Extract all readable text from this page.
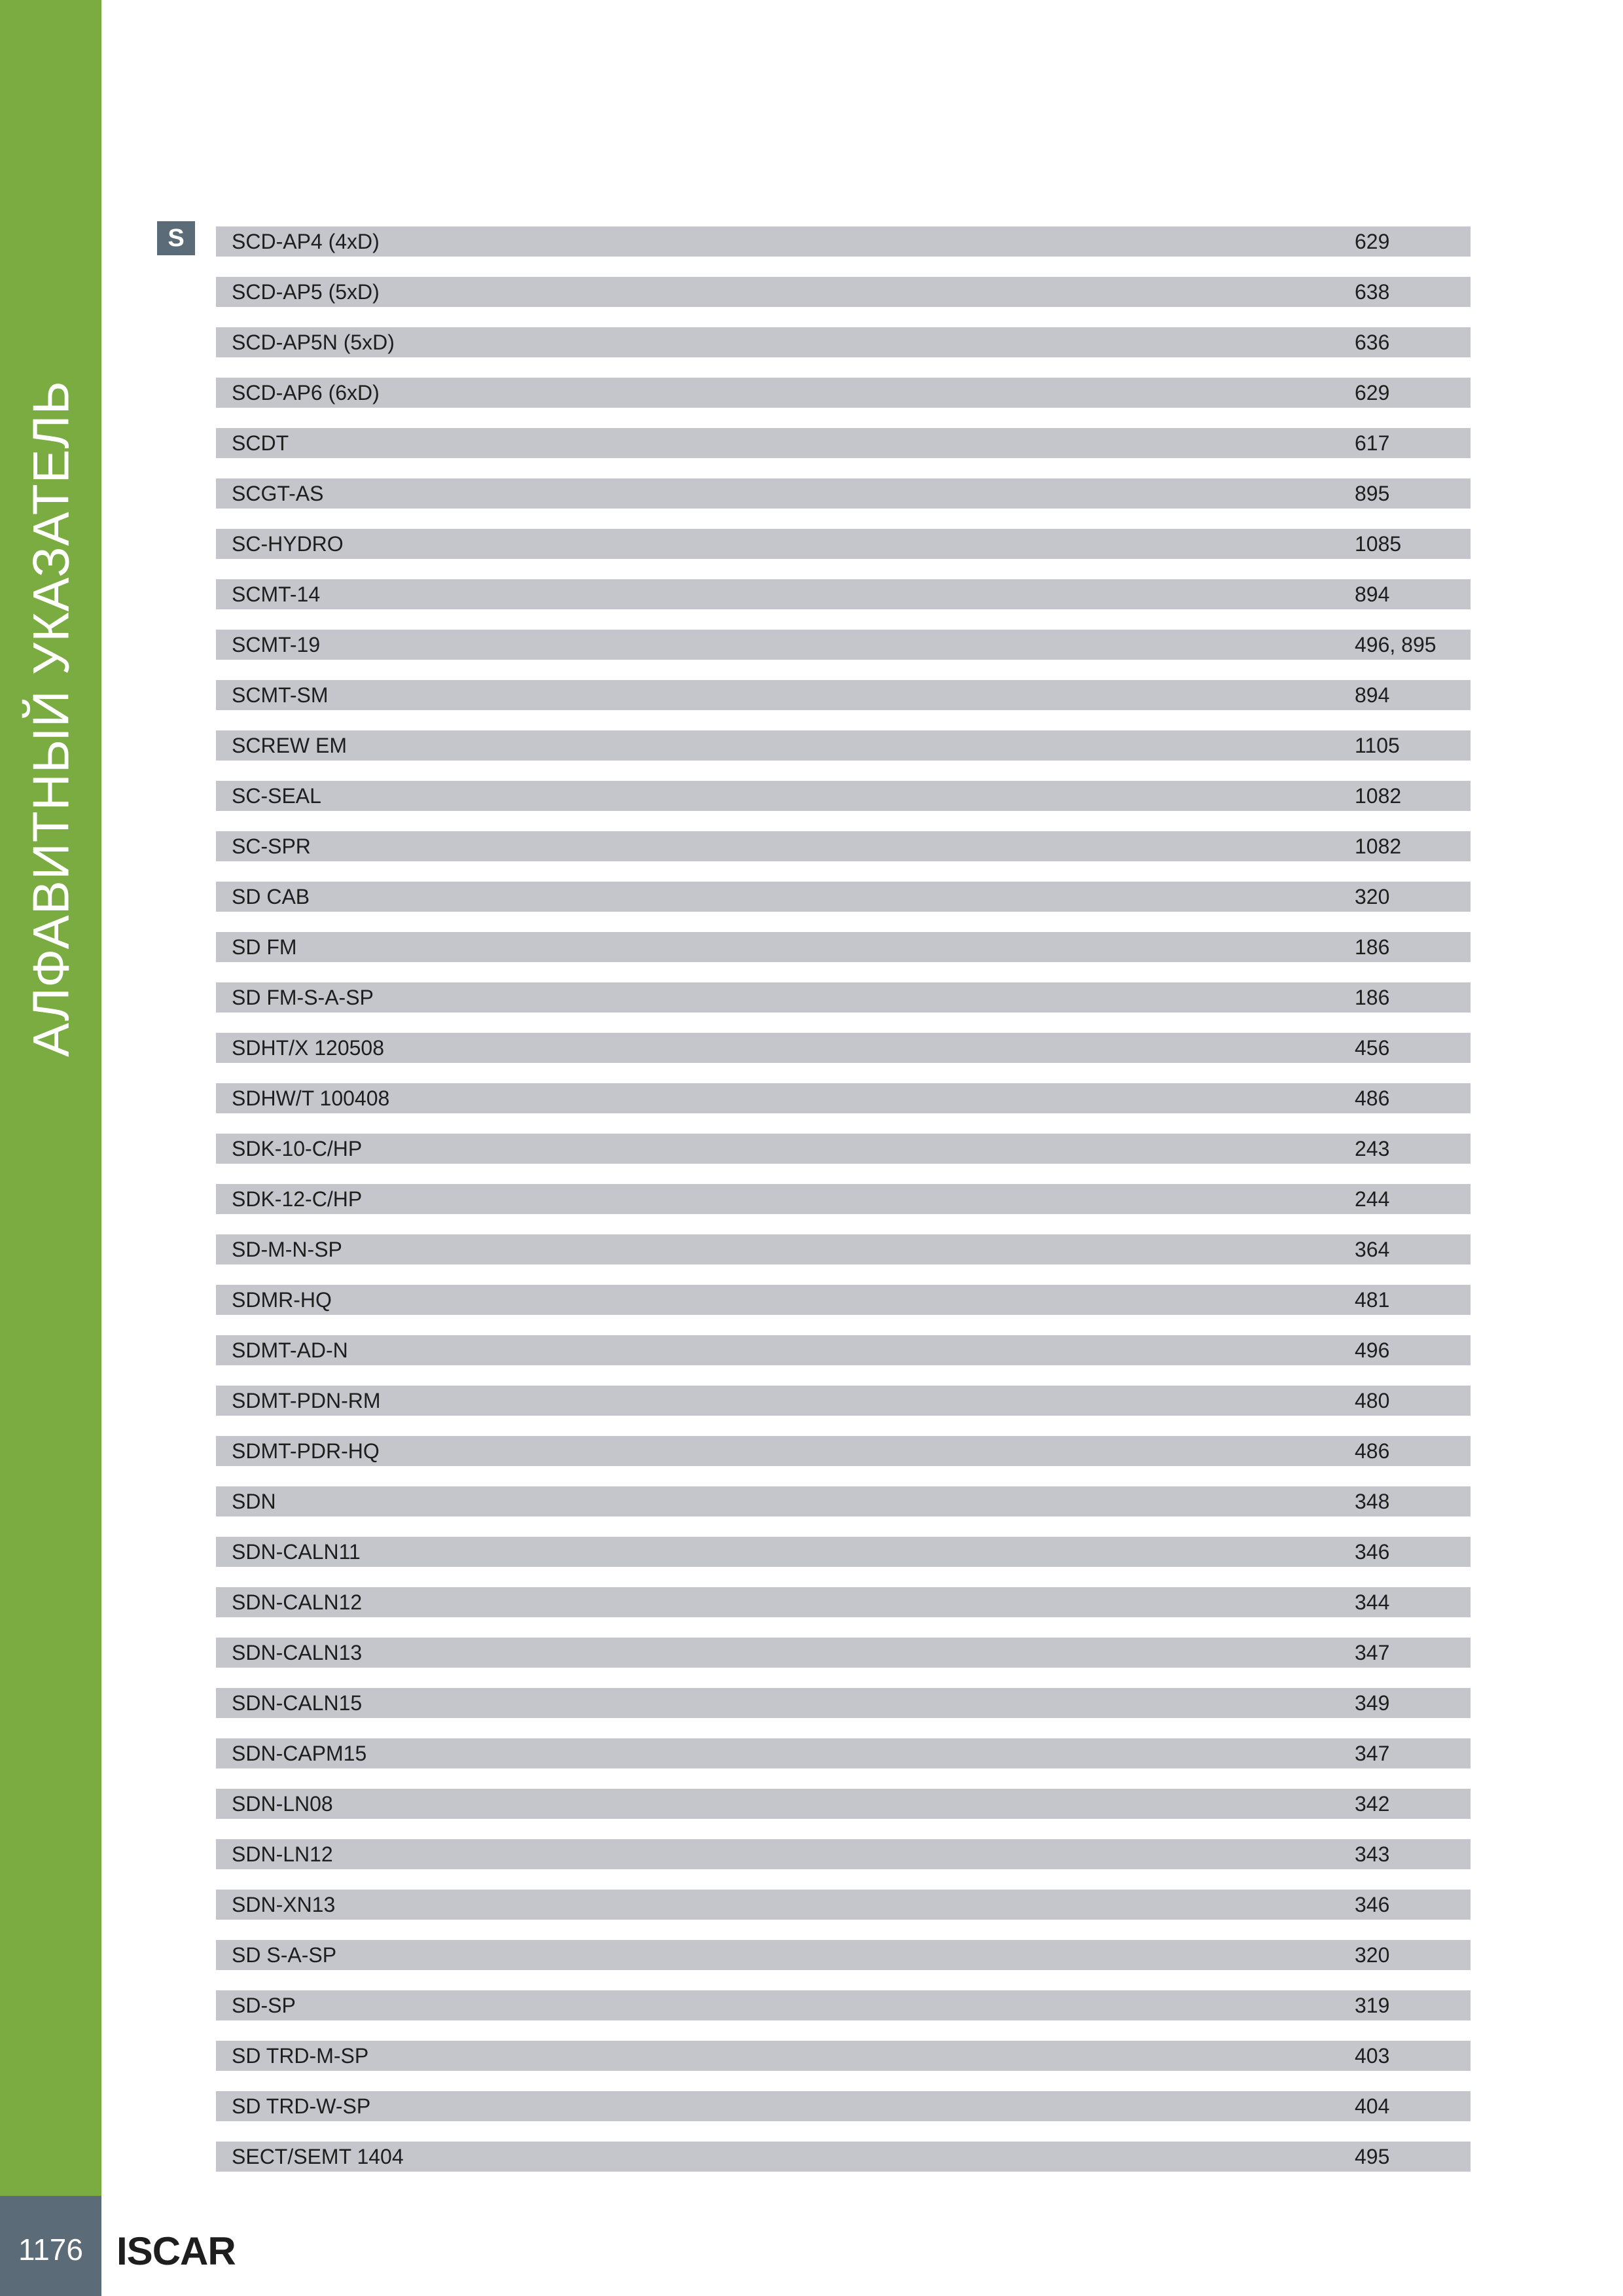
АЛФАВИТНЫЙ УКАЗАТЕЛЬ
1176 ISCAR
S	SCD-AP4 (4xD)	629
SCD-AP5 (5xD)	638
SCD-AP5N (5xD)	636
SCD-AP6 (6xD)	629
SCDT	617
SCGT-AS	895
SC-HYDRO	1085
SCMT-14	894
SCMT-19	496, 895
SCMT-SM	894
SCREW EM	1105
SC-SEAL	1082
SC-SPR	1082
SD CAB	320
SD FM	186
SD FM-S-A-SP	186
SDHT/X 120508	456
SDHW/T 100408	486
SDK-10-C/HP	243
SDK-12-C/HP	244
SD-M-N-SP	364
SDMR-HQ	481
SDMT-AD-N	496
SDMT-PDN-RM	480
SDMT-PDR-HQ	486
SDN	348
SDN-CALN11	346
SDN-CALN12	344
SDN-CALN13	347
SDN-CALN15	349
SDN-CAPM15	347
SDN-LN08	342
SDN-LN12	343
SDN-XN13	346
SD S-A-SP	320
SD-SP	319
SD TRD-M-SP	403
SD TRD-W-SP	404
SECT/SEMT 1404	495
